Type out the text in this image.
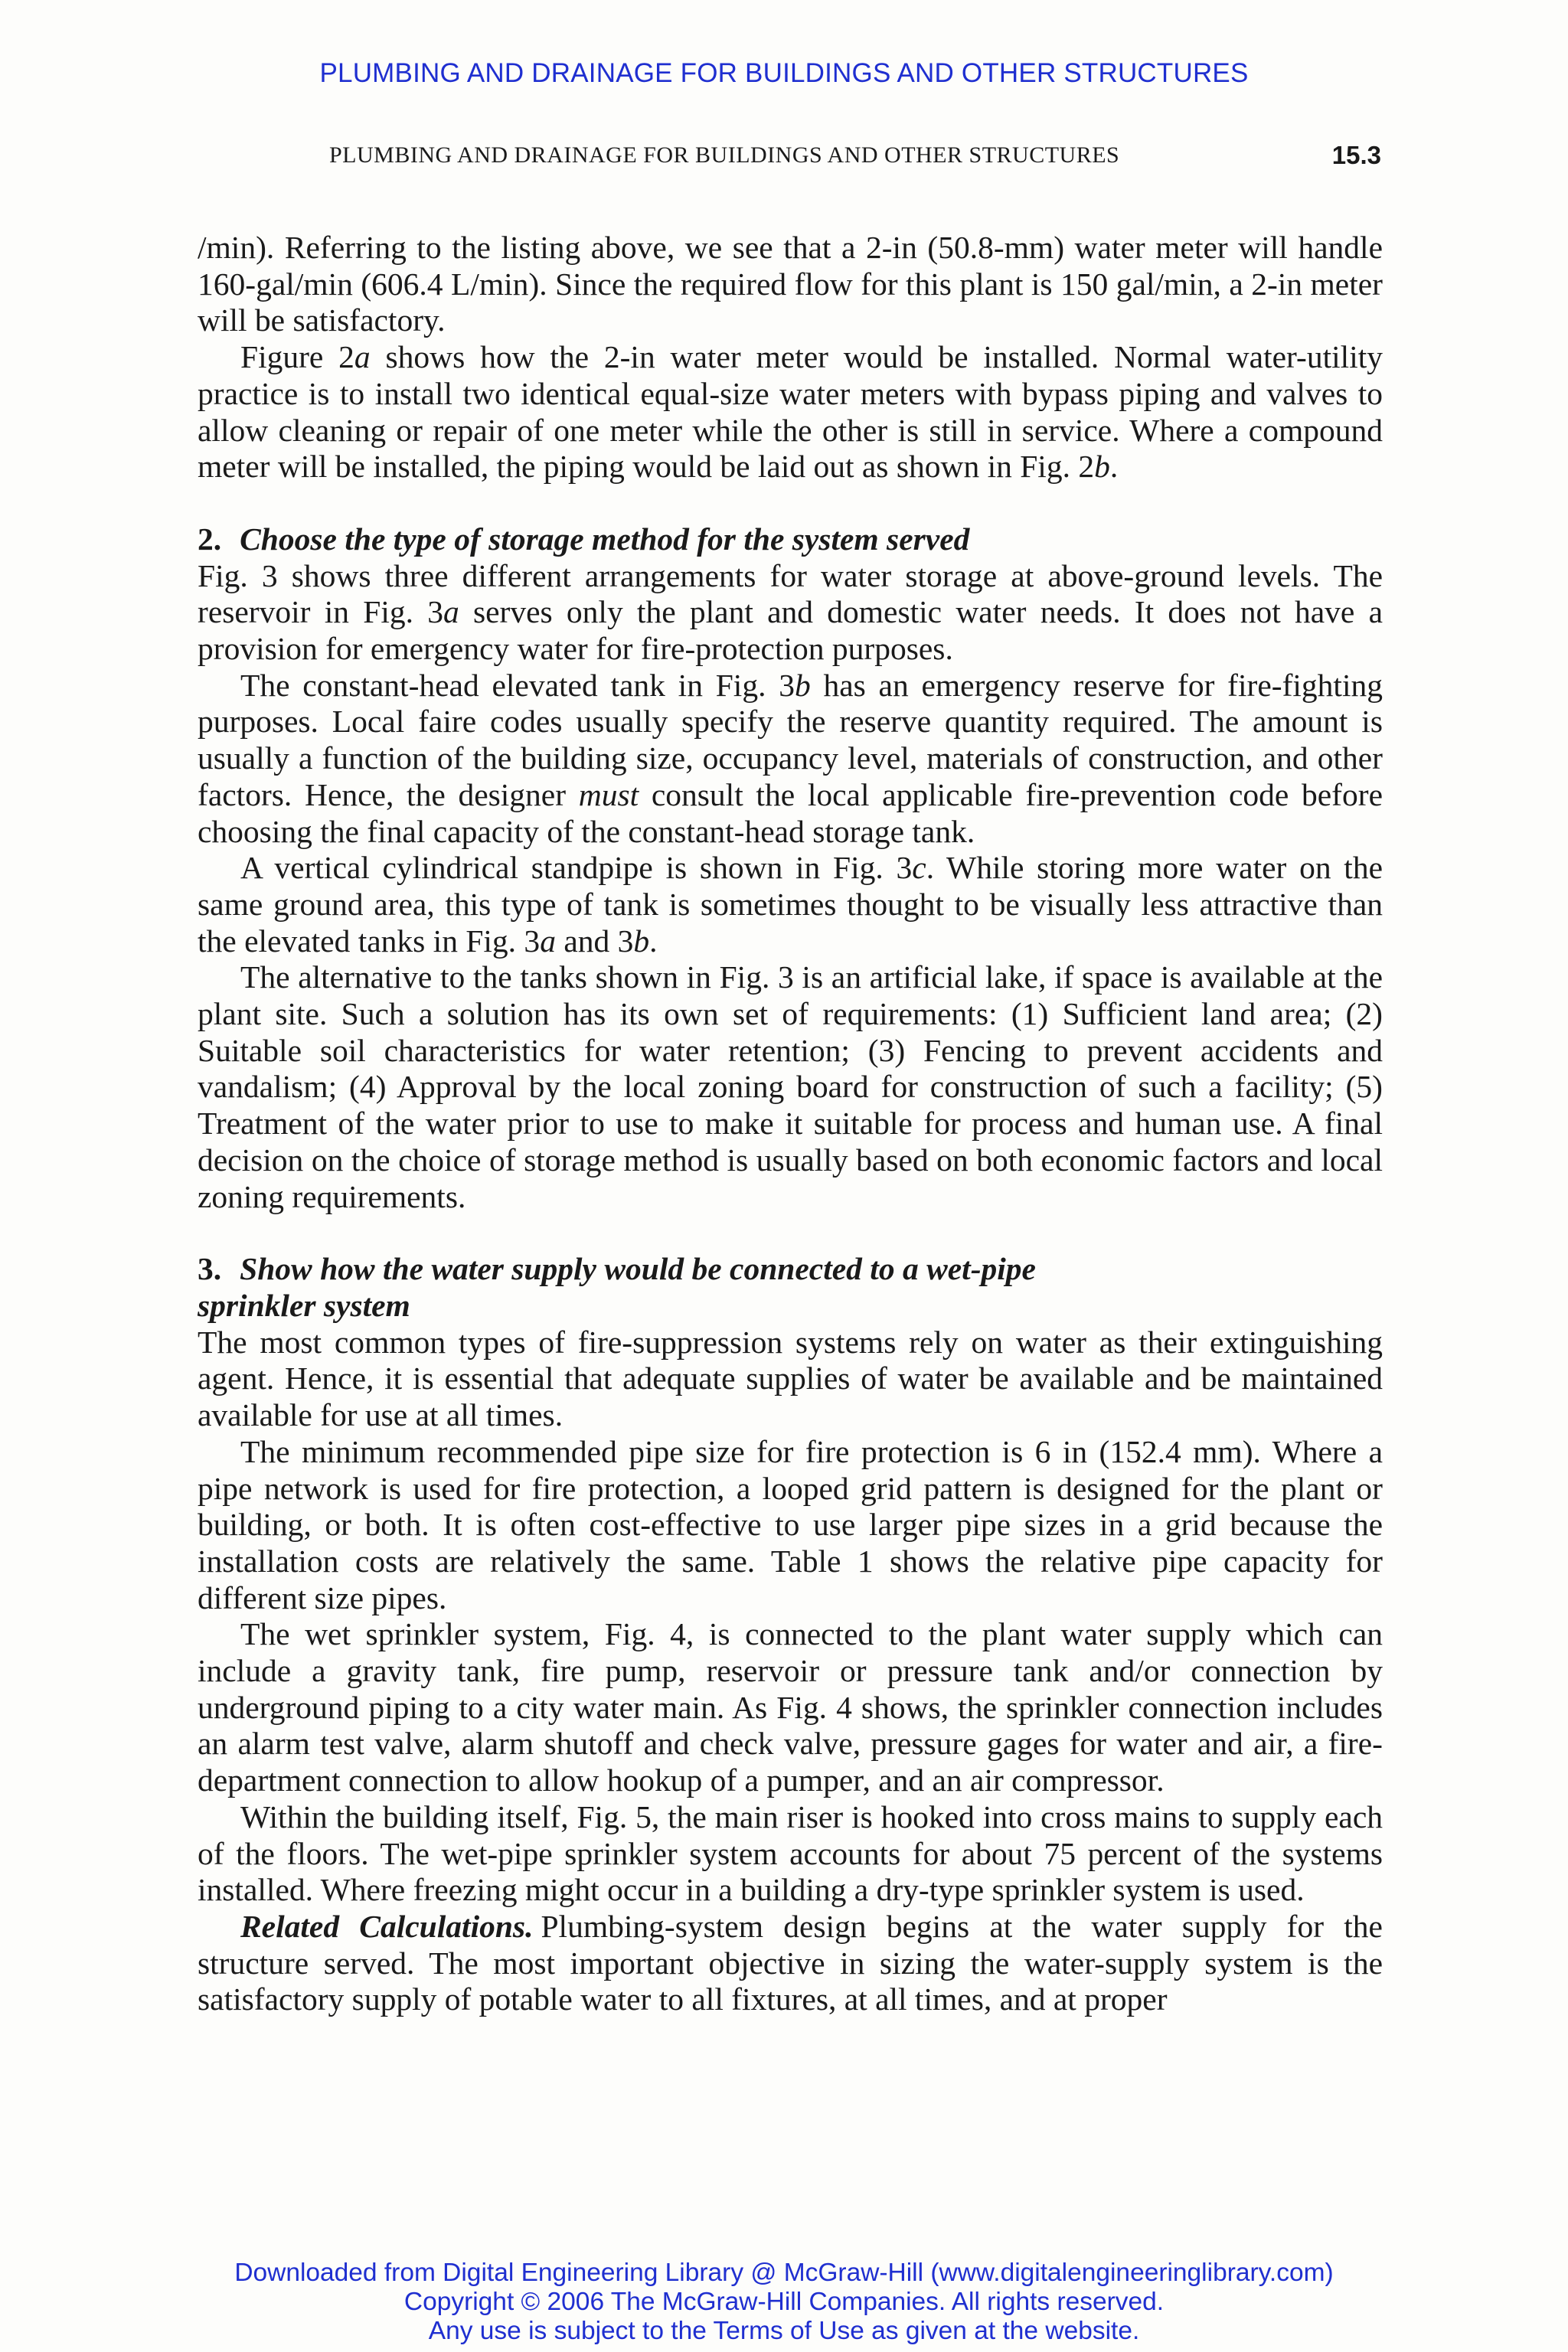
PLUMBING AND DRAINAGE FOR BUILDINGS AND OTHER STRUCTURES
PLUMBING AND DRAINAGE FOR BUILDINGS AND OTHER STRUCTURES	15.3

/min). Referring to the listing above, we see that a 2-in (50.8-mm) water meter will handle 160-gal/min (606.4 L/min). Since the required flow for this plant is 150 gal/min, a 2-in meter will be satisfactory.

Figure 2a shows how the 2-in water meter would be installed. Normal water-utility practice is to install two identical equal-size water meters with bypass piping and valves to allow cleaning or repair of one meter while the other is still in service. Where a compound meter will be installed, the piping would be laid out as shown in Fig. 2b.

2. Choose the type of storage method for the system served

Fig. 3 shows three different arrangements for water storage at above-ground levels. The reservoir in Fig. 3a serves only the plant and domestic water needs. It does not have a provision for emergency water for fire-protection purposes.

The constant-head elevated tank in Fig. 3b has an emergency reserve for fire-fighting purposes. Local faire codes usually specify the reserve quantity required. The amount is usually a function of the building size, occupancy level, materials of construction, and other factors. Hence, the designer must consult the local applicable fire-prevention code before choosing the final capacity of the constant-head storage tank.

A vertical cylindrical standpipe is shown in Fig. 3c. While storing more water on the same ground area, this type of tank is sometimes thought to be visually less attractive than the elevated tanks in Fig. 3a and 3b.

The alternative to the tanks shown in Fig. 3 is an artificial lake, if space is available at the plant site. Such a solution has its own set of requirements: (1) Sufficient land area; (2) Suitable soil characteristics for water retention; (3) Fencing to prevent accidents and vandalism; (4) Approval by the local zoning board for construction of such a facility; (5) Treatment of the water prior to use to make it suitable for process and human use. A final decision on the choice of storage method is usually based on both economic factors and local zoning requirements.

3. Show how the water supply would be connected to a wet-pipe
sprinkler system

The most common types of fire-suppression systems rely on water as their extinguishing agent. Hence, it is essential that adequate supplies of water be available and be maintained available for use at all times.

The minimum recommended pipe size for fire protection is 6 in (152.4 mm). Where a pipe network is used for fire protection, a looped grid pattern is designed for the plant or building, or both. It is often cost-effective to use larger pipe sizes in a grid because the installation costs are relatively the same. Table 1 shows the relative pipe capacity for different size pipes.

The wet sprinkler system, Fig. 4, is connected to the plant water supply which can include a gravity tank, fire pump, reservoir or pressure tank and/or connection by underground piping to a city water main. As Fig. 4 shows, the sprinkler connection includes an alarm test valve, alarm shutoff and check valve, pressure gages for water and air, a fire-department connection to allow hookup of a pumper, and an air compressor.

Within the building itself, Fig. 5, the main riser is hooked into cross mains to supply each of the floors. The wet-pipe sprinkler system accounts for about 75 percent of the systems installed. Where freezing might occur in a building a dry-type sprinkler system is used.

Related Calculations. Plumbing-system design begins at the water supply for the structure served. The most important objective in sizing the water-supply system is the satisfactory supply of potable water to all fixtures, at all times, and at proper

Downloaded from Digital Engineering Library @ McGraw-Hill (www.digitalengineeringlibrary.com)
Copyright © 2006 The McGraw-Hill Companies. All rights reserved.
Any use is subject to the Terms of Use as given at the website.
